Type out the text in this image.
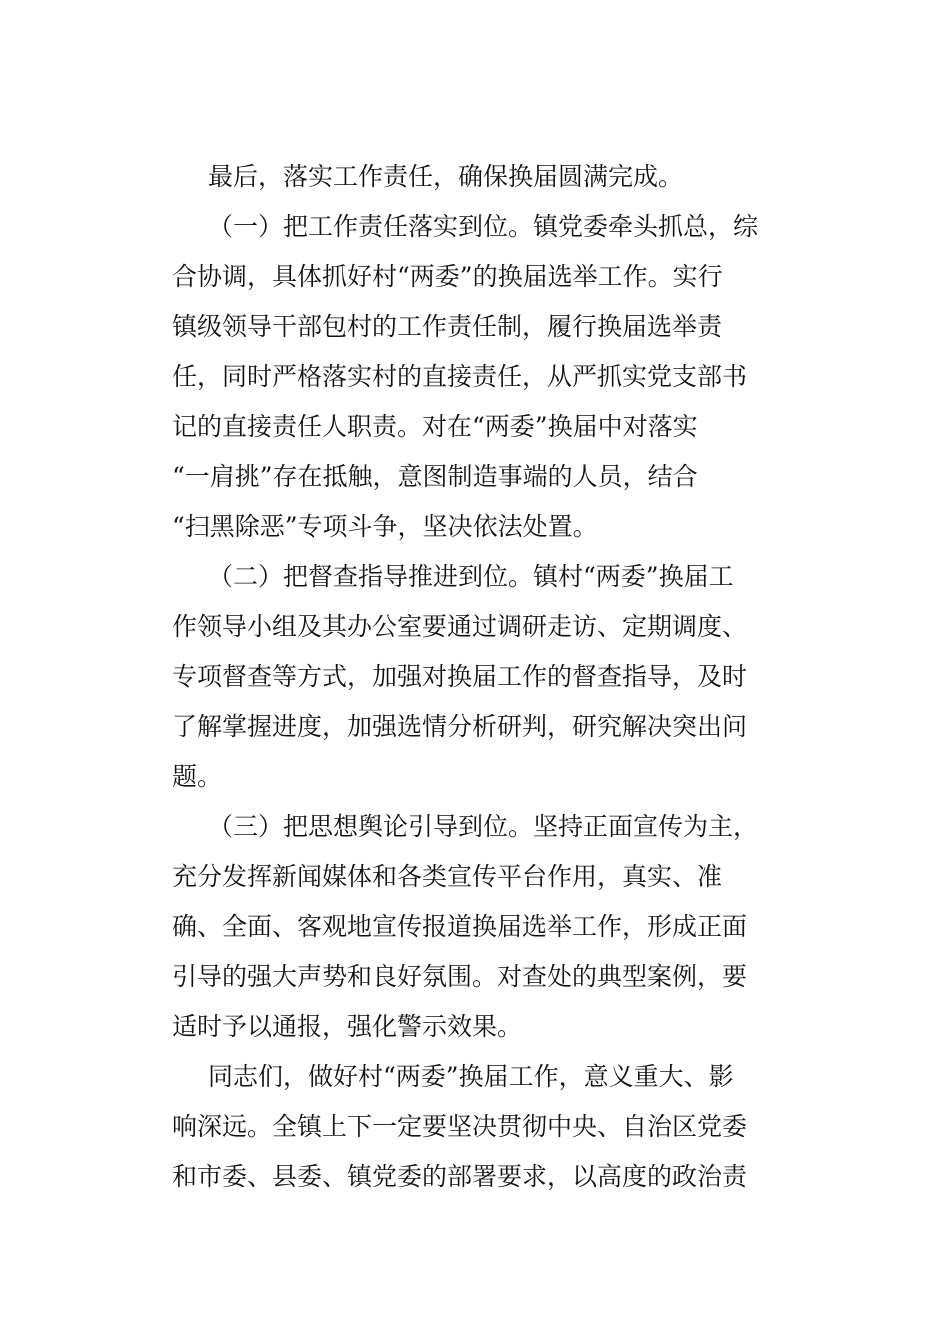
最后，落实工作责任，确保换届圆满完成。
（一）把工作责任落实到位。镇党委牵头抓总，综
合协调，具体抓好村“两委”的换届选举工作。实行
镇级领导干部包村的工作责任制，履行换届选举责
任，同时严格落实村的直接责任，从严抓实党支部书
记的直接责任人职责。对在“两委”换届中对落实
“一肩挑”存在抵触，意图制造事端的人员，结合
“扫黑除恶”专项斗争，坚决依法处置。
（二）把督查指导推进到位。镇村“两委”换届工
作领导小组及其办公室要通过调研走访、定期调度、
专项督查等方式，加强对换届工作的督查指导，及时
了解掌握进度，加强选情分析研判，研究解决突出问
题。
（三）把思想舆论引导到位。坚持正面宣传为主，
充分发挥新闻媒体和各类宣传平台作用，真实、准
确、全面、客观地宣传报道换届选举工作，形成正面
引导的强大声势和良好氛围。对查处的典型案例，要
适时予以通报，强化警示效果。
同志们，做好村“两委”换届工作，意义重大、影
响深远。全镇上下一定要坚决贯彻中央、自治区党委
和市委、县委、镇党委的部署要求，以高度的政治责
